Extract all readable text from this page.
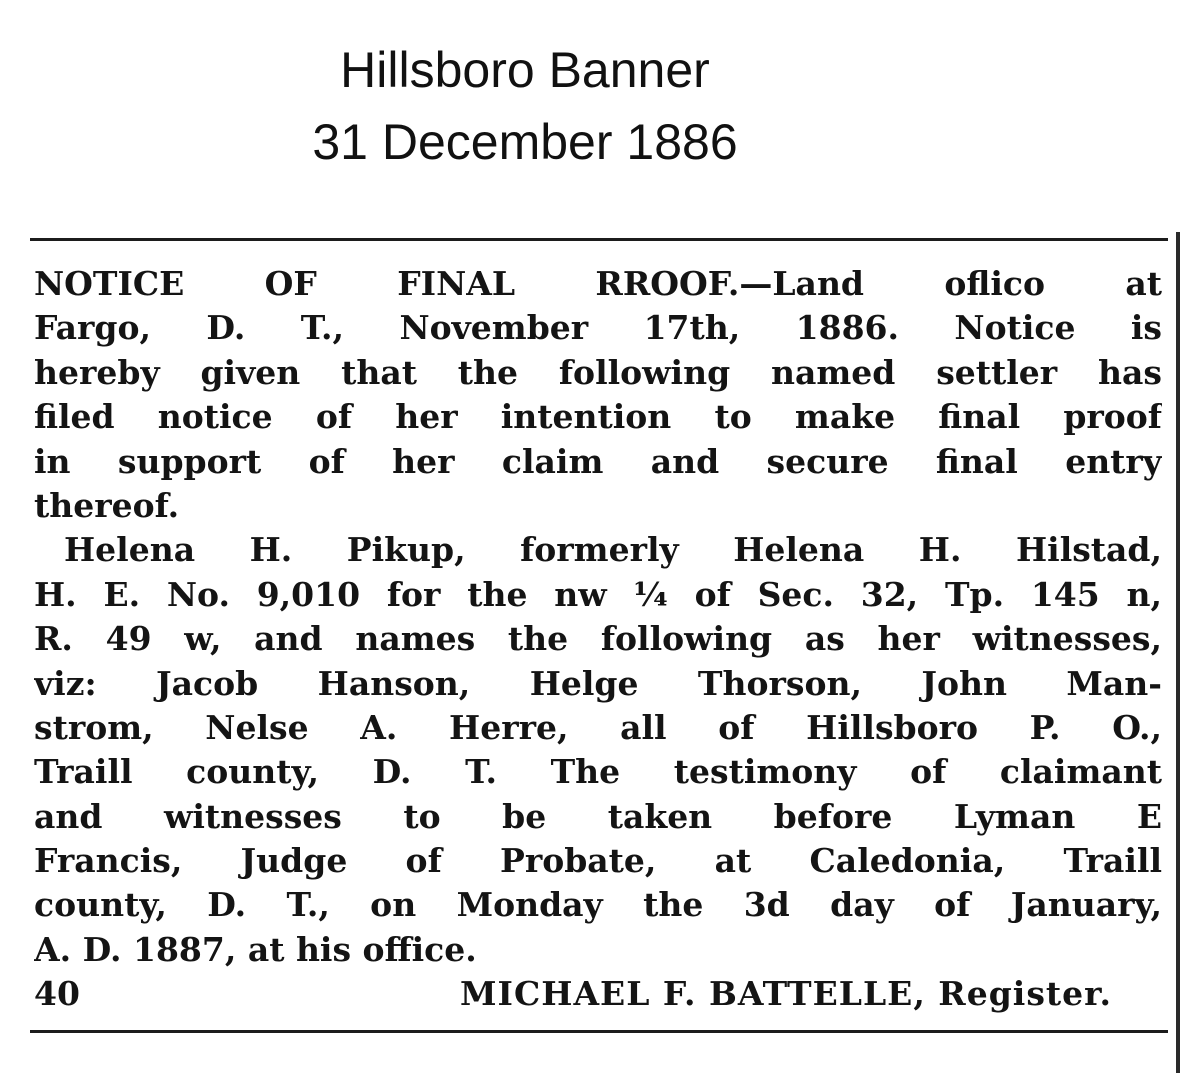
Hillsboro Banner
31 December 1886
NOTICE OF FINAL RROOF.—Land oflico at
Fargo, D. T., November 17th, 1886. Notice is
hereby given that the following named settler has
filed notice of her intention to make final proof
in support of her claim and secure final entry
thereof.
Helena H. Pikup, formerly Helena H. Hilstad,
H. E. No. 9,010 for the nw ¼ of Sec. 32, Tp. 145 n,
R. 49 w, and names the following as her witnesses,
viz: Jacob Hanson, Helge Thorson, John Man-
strom, Nelse A. Herre, all of Hillsboro P. O.,
Traill county, D. T. The testimony of claimant
and witnesses to be taken before Lyman E
Francis, Judge of Probate, at Caledonia, Traill
county, D. T., on Monday the 3d day of January,
A. D. 1887, at his office.
40	MICHAEL F. BATTELLE, Register.
